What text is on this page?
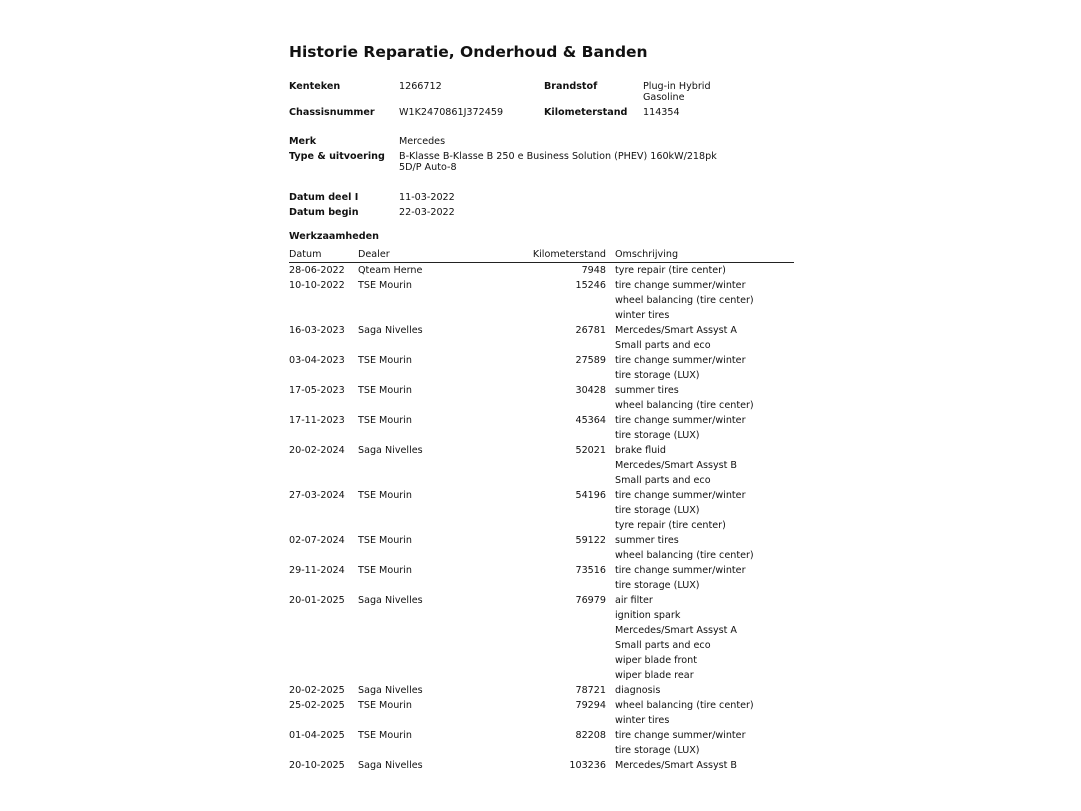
Historie Reparatie, Onderhoud & Banden
Kenteken	1266712	Brandstof	Plug-in Hybrid
Gasoline
Chassisnummer	W1K2470861J372459	Kilometerstand 114354
Merk	Mercedes
Type & uitvoering B-Klasse B-Klasse B 250 e Business Solution (PHEV) 160kW/218pk
5D/P Auto-8
Datum deel I	11-03-2022
Datum begin	22-03-2022
Werkzaamheden
Datum	Dealer	Kilometerstand Omschrijving
28-06-2022 Qteam Herne	7948 tyre repair (tire center)
10-10-2022 TSE Mourin	15246 tire change summer/winter
wheel balancing (tire center)
winter tires
16-03-2023 Saga Nivelles	26781 Mercedes/Smart Assyst A
Small parts and eco
03-04-2023 TSE Mourin	27589 tire change summer/winter
tire storage (LUX)
17-05-2023 TSE Mourin	30428 summer tires
wheel balancing (tire center)
17-11-2023 TSE Mourin	45364 tire change summer/winter
tire storage (LUX)
20-02-2024 Saga Nivelles	52021 brake fluid
Mercedes/Smart Assyst B
Small parts and eco
27-03-2024 TSE Mourin	54196 tire change summer/winter
tire storage (LUX)
tyre repair (tire center)
02-07-2024 TSE Mourin	59122 summer tires
wheel balancing (tire center)
29-11-2024 TSE Mourin	73516 tire change summer/winter
tire storage (LUX)
20-01-2025 Saga Nivelles	76979 air filter
ignition spark
Mercedes/Smart Assyst A
Small parts and eco
wiper blade front
wiper blade rear
20-02-2025 Saga Nivelles	78721 diagnosis
25-02-2025 TSE Mourin	79294 wheel balancing (tire center)
winter tires
01-04-2025 TSE Mourin	82208 tire change summer/winter
tire storage (LUX)
20-10-2025 Saga Nivelles	103236 Mercedes/Smart Assyst B
